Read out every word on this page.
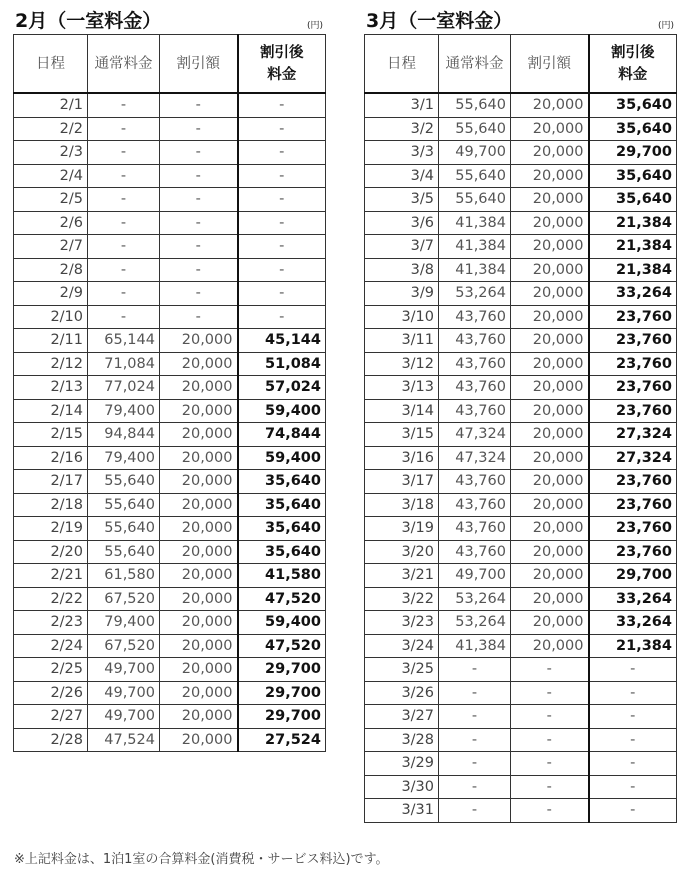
2月（一室料金）	(円)
日程	通常料金	割引額	割引後
料金

2/1	-	-	-
2/2	-	-	-
2/3	-	-	-
2/4	-	-	-
2/5	-	-	-
2/6	-	-	-
2/7	-	-	-
2/8	-	-	-
2/9	-	-	-
2/10	-	-	-
2/11	65,144	20,000	45,144
2/12	71,084	20,000	51,084
2/13	77,024	20,000	57,024
2/14	79,400	20,000	59,400
2/15	94,844	20,000	74,844
2/16	79,400	20,000	59,400
2/17	55,640	20,000	35,640
2/18	55,640	20,000	35,640
2/19	55,640	20,000	35,640
2/20	55,640	20,000	35,640
2/21	61,580	20,000	41,580
2/22	67,520	20,000	47,520
2/23	79,400	20,000	59,400
2/24	67,520	20,000	47,520
2/25	49,700	20,000	29,700
2/26	49,700	20,000	29,700
2/27	49,700	20,000	29,700
2/28	47,524	20,000	27,524
3月（一室料金）	(円)
日程	通常料金	割引額	割引後
料金

3/1	55,640	20,000	35,640
3/2	55,640	20,000	35,640
3/3	49,700	20,000	29,700
3/4	55,640	20,000	35,640
3/5	55,640	20,000	35,640
3/6	41,384	20,000	21,384
3/7	41,384	20,000	21,384
3/8	41,384	20,000	21,384
3/9	53,264	20,000	33,264
3/10	43,760	20,000	23,760
3/11	43,760	20,000	23,760
3/12	43,760	20,000	23,760
3/13	43,760	20,000	23,760
3/14	43,760	20,000	23,760
3/15	47,324	20,000	27,324
3/16	47,324	20,000	27,324
3/17	43,760	20,000	23,760
3/18	43,760	20,000	23,760
3/19	43,760	20,000	23,760
3/20	43,760	20,000	23,760
3/21	49,700	20,000	29,700
3/22	53,264	20,000	33,264
3/23	53,264	20,000	33,264
3/24	41,384	20,000	21,384
3/25	-	-	-
3/26	-	-	-
3/27	-	-	-
3/28	-	-	-
3/29	-	-	-
3/30	-	-	-
3/31	-	-	-
※上記料金は、1泊1室の合算料金(消費税・サービス料込)です。
